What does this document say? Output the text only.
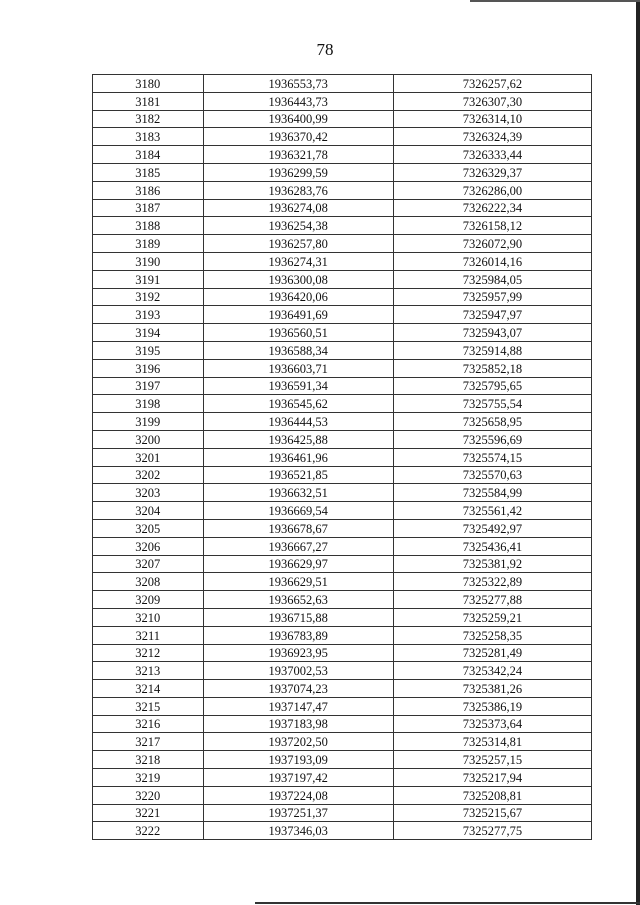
78
3180	1936553,73	7326257,62
3181	1936443,73	7326307,30
3182	1936400,99	7326314,10
3183	1936370,42	7326324,39
3184	1936321,78	7326333,44
3185	1936299,59	7326329,37
3186	1936283,76	7326286,00
3187	1936274,08	7326222,34
3188	1936254,38	7326158,12
3189	1936257,80	7326072,90
3190	1936274,31	7326014,16
3191	1936300,08	7325984,05
3192	1936420,06	7325957,99
3193	1936491,69	7325947,97
3194	1936560,51	7325943,07
3195	1936588,34	7325914,88
3196	1936603,71	7325852,18
3197	1936591,34	7325795,65
3198	1936545,62	7325755,54
3199	1936444,53	7325658,95
3200	1936425,88	7325596,69
3201	1936461,96	7325574,15
3202	1936521,85	7325570,63
3203	1936632,51	7325584,99
3204	1936669,54	7325561,42
3205	1936678,67	7325492,97
3206	1936667,27	7325436,41
3207	1936629,97	7325381,92
3208	1936629,51	7325322,89
3209	1936652,63	7325277,88
3210	1936715,88	7325259,21
3211	1936783,89	7325258,35
3212	1936923,95	7325281,49
3213	1937002,53	7325342,24
3214	1937074,23	7325381,26
3215	1937147,47	7325386,19
3216	1937183,98	7325373,64
3217	1937202,50	7325314,81
3218	1937193,09	7325257,15
3219	1937197,42	7325217,94
3220	1937224,08	7325208,81
3221	1937251,37	7325215,67
3222	1937346,03	7325277,75
